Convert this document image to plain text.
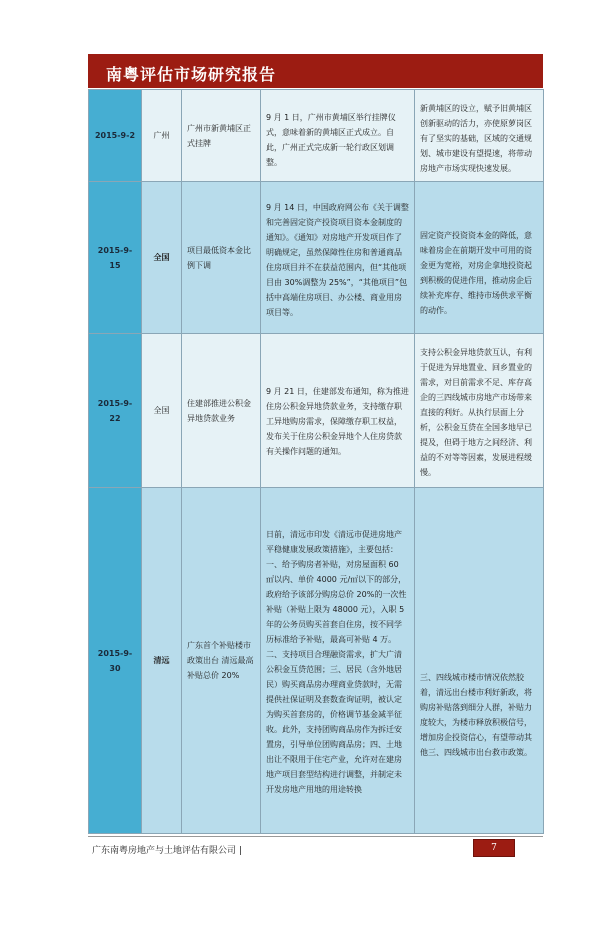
南粤评估市场研究报告
2015-9-2	广州	广州市新黄埔区正式挂牌	9 月 1 日，广州市黄埔区举行挂牌仪式，意味着新的黄埔区正式成立。自此，广州正式完成新一轮行政区划调整。	新黄埔区的设立，赋予旧黄埔区创新驱动的活力，亦使原萝岗区有了坚实的基础，区域的交通规划、城市建设有望提速，将带动房地产市场实现快速发展。
2015-9-15	全国	项目最低资本金比例下调	9 月 14 日，中国政府网公布《关于调整和完善固定资产投资项目资本金制度的通知》。《通知》对房地产开发项目作了明确规定，虽然保障性住房和普通商品住房项目并不在获益范围内，但“其他项目由 30%调整为 25%”，“其他项目”包括中高端住房项目、办公楼、商业用房项目等。	固定资产投资资本金的降低，意味着房企在前期开发中可用的资金更为宽裕，对房企拿地投资起到积极的促进作用，推动房企后续补充库存、维持市场供求平衡的动作。
2015-9-22	全国	住建部推进公积金异地贷款业务	9 月 21 日，住建部发布通知，称为推进住房公积金异地贷款业务，支持缴存职工异地购房需求，保障缴存职工权益，发布关于住房公积金异地个人住房贷款有关操作问题的通知。	支持公积金异地贷款互认，有利于促进为异地置业、回乡置业的需求，对目前需求不足、库存高企的三四线城市房地产市场带来直接的利好。从执行层面上分析，公积金互贷在全国多地早已提及，但碍于地方之间经济、利益的不对等等因素，发展进程缓慢。
2015-9-30	清远	广东首个补贴楼市政策出台 清远最高补贴总价 20%	日前，清远市印发《清远市促进房地产平稳健康发展政策措施》，主要包括：一、给予购房者补贴，对房屋面积 60 ㎡以内、单价 4000 元/㎡以下的部分，政府给予该部分购房总价 20%的一次性补贴（补贴上限为 48000 元），入职 5 年的公务员购买首套自住房，按不同学历标准给予补贴，最高可补贴 4 万。二、支持项目合理融资需求，扩大广清公积金互贷范围；三、居民（含外地居民）购买商品房办理商业贷款时，无需提供社保证明及套数查询证明，被认定为购买首套房的，价格调节基金减半征收。此外，支持团购商品房作为拆迁安置房，引导单位团购商品房；四、土地出让不限用于住宅产业，允许对在建房地产项目套型结构进行调整，并制定未开发房地产用地的用途转换	三、四线城市楼市情况依然胶着，清远出台楼市利好新政，将购房补贴落到细分人群，补贴力度较大，为楼市释放积极信号，增加房企投资信心，有望带动其他三、四线城市出台救市政策。
广东南粤房地产与土地评估有限公司 |	7
